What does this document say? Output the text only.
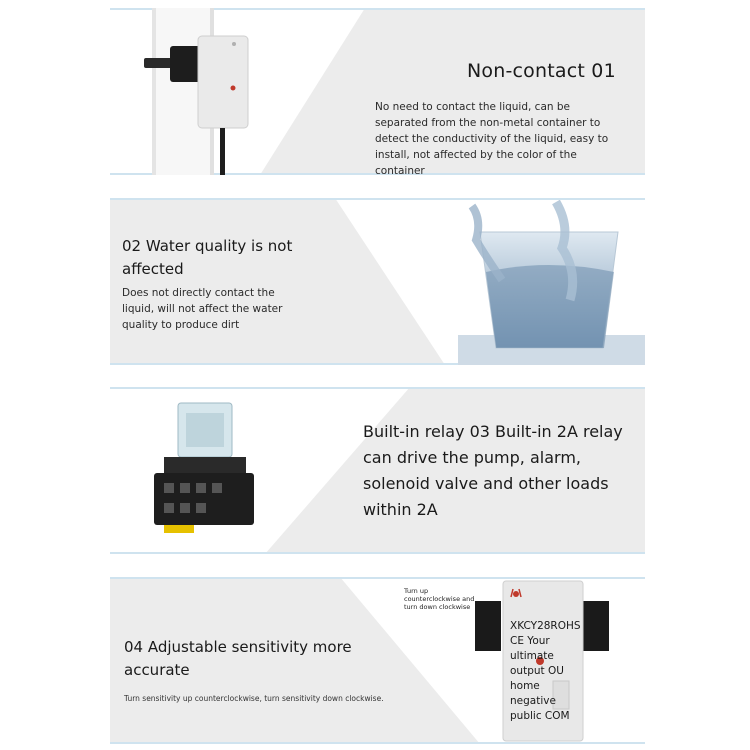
Non-contact 01
No need to contact the liquid, can be separated from the non-metal container to detect the conductivity of the liquid, easy to install, not affected by the color of the container
02 Water quality is not affected
Does not directly contact the liquid, will not affect the water quality to produce dirt
Built-in relay 03 Built-in 2A relay can drive the pump, alarm, solenoid valve and other loads within 2A
Turn up counterclockwise and turn down clockwise
XKCY28ROHS CE Your ultimate output OU home negative public COM
04 Adjustable sensitivity more accurate
Turn sensitivity up counterclockwise, turn sensitivity down clockwise.
